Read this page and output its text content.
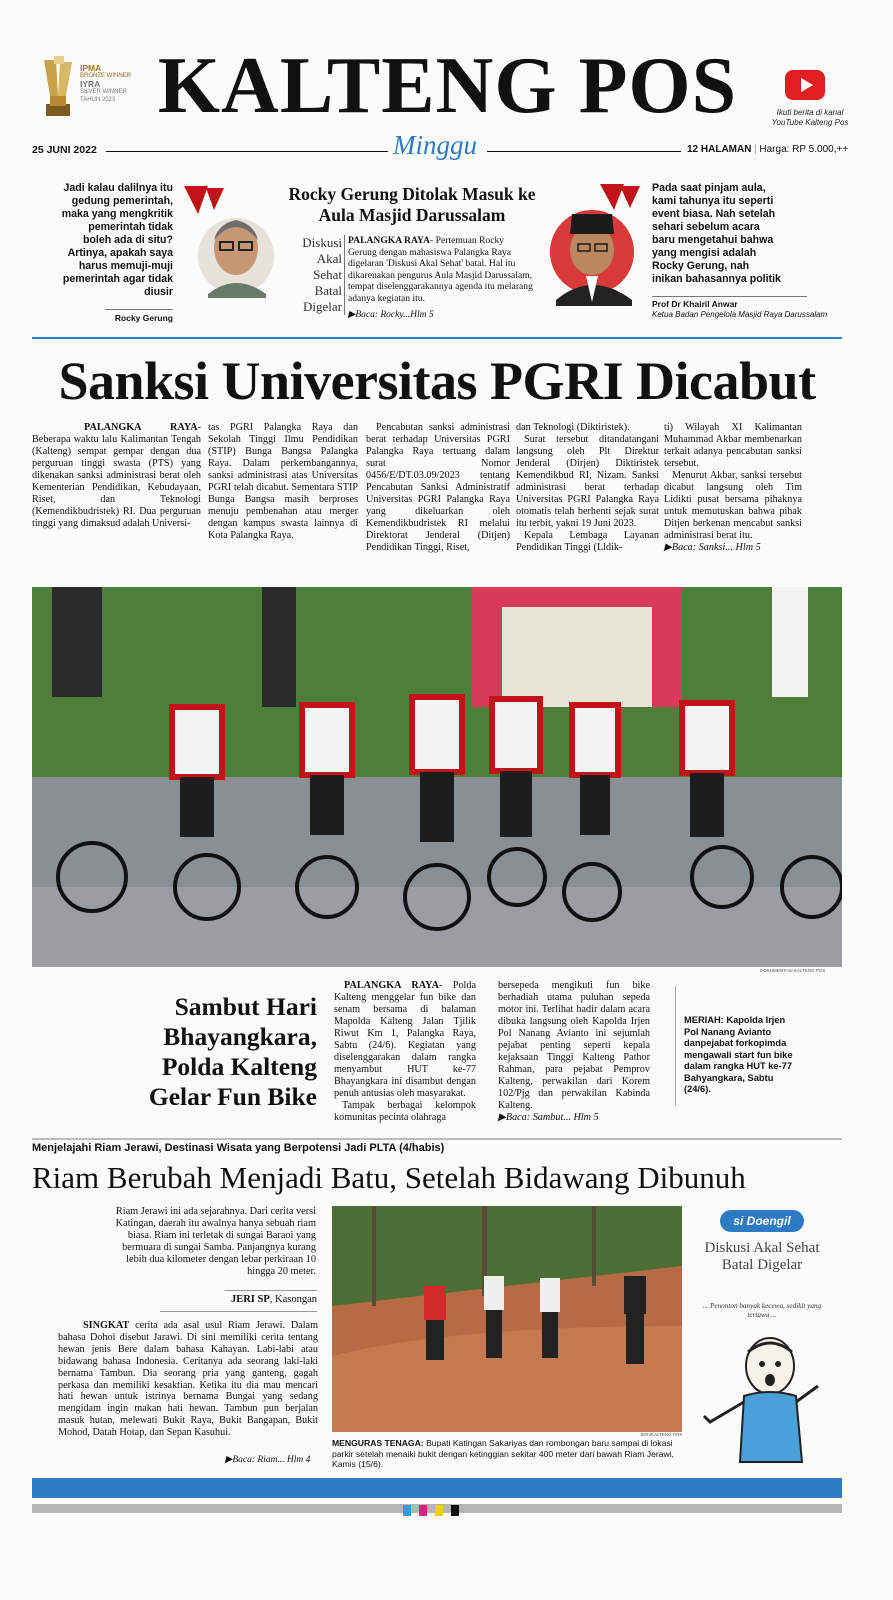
IPMA
BRONZE WINNER
IYRA
SILVER WINNER
TAHUN 2023 KALTENG POS	Ikuti berita di kanal YouTube Kalteng Pos
25 JUNI 2022	Minggu	12 HALAMAN | Harga: RP 5.000,++
Jadi kalau dalilnya itu gedung pemerintah, maka yang mengkritik pemerintah tidak boleh ada di situ? Artinya, apakah saya harus memuji-muji pemerintah agar tidak diusir
Rocky Gerung
Rocky Gerung Ditolak Masuk ke Aula Masjid Darussalam
Diskusi Akal Sehat Batal Digelar
PALANGKA RAYA- Pertemuan Rocky Gerung dengan mahasiswa Palangka Raya digelaran 'Diskusi Akal Sehat' batal. Hal itu dikarenakan pengurus Aula Masjid Darussalam, tempat diselenggarakannya agenda itu melarang adanya kegiatan itu.
▶Baca: Rocky...Hlm 5
Pada saat pinjam aula, kami tahunya itu seperti event biasa. Nah setelah sehari sebelum acara baru mengetahui bahwa yang mengisi adalah Rocky Gerung, nah inikan bahasannya politik
Prof Dr Khairil Anwar
Ketua Badan Pengelola Masjid Raya Darussalam
Sanksi Universitas PGRI Dicabut

PALANGKA RAYA- Beberapa waktu lalu Kalimantan Tengah (Kalteng) sempat gempar dengan dua perguruan tinggi swasta (PTS) yang dikenakan sanksi administrasi berat oleh Kementerian Pendidikan, Kebudayaan, Riset, dan Teknologi (Kemendikbudristek) RI. Dua perguruan tinggi yang dimaksud adalah Universi-

tas PGRI Palangka Raya dan Sekolah Tinggi Ilmu Pendidikan (STIP) Bunga Bangsa Palangka Raya. Dalam perkembangannya, sanksi administrasi atas Universitas PGRI telah dicabut. Sementara STIP Bunga Bangsa masih berproses menuju pembenahan atau merger dengan kampus swasta lainnya di Kota Palangka Raya.

Pencabutan sanksi administrasi berat terhadap Universitas PGRI Palangka Raya tertuang dalam surat Nomor 0456/E/DT.03.09/2023 tentang Pencabutan Sanksi Administratif Universitas PGRI Palangka Raya yang dikeluarkan oleh Kemendikbudristek RI melalui Direktorat Jenderal (Ditjen) Pendidikan Tinggi, Riset,

dan Teknologi (Diktiristek).

Surat tersebut ditandatangani langsung oleh Plt Direktur Jenderal (Dirjen) Diktiristek Kemendikbud RI, Nizam. Sanksi administrasi berat terhadap Universitas PGRI Palangka Raya otomatis telah berhenti sejak surat itu terbit, yakni 19 Juni 2023.

Kepala Lembaga Layanan Pendidikan Tinggi (Lldik-

ti) Wilayah XI Kalimantan Muhammad Akbar membenarkan terkait adanya pencabutan sanksi tersebut.

Menurut Akbar, sanksi tersebut dicabut langsung oleh Tim Lidikti pusat bersama pihaknya untuk memutuskan bahwa pihak Ditjen berkenan mencabut sanksi administrasi berat itu.

▶Baca: Sanksi... Hlm 5

DOKUMENTASI KALTENG POS
Sambut Hari Bhayangkara, Polda Kalteng Gelar Fun Bike

PALANGKA RAYA- Polda Kalteng menggelar fun bike dan senam bersama di halaman Mapolda Kalteng Jalan Tjilik Riwut Km 1, Palangka Raya, Sabtu (24/6). Kegiatan yang diselenggarakan dalam rangka menyambut HUT ke-77 Bhayangkara ini disambut dengan penuh antusias oleh masyarakat.

Tampak berbagai kelompok komunitas pecinta olahraga

bersepeda mengikuti fun bike berhadiah utama puluhan sepeda motor ini. Terlihat hadir dalam acara dibuka langsung oleh Kapolda Irjen Pol Nanang Avianto ini sejumlah pejabat penting seperti kepala kejaksaan Tinggi Kalteng Pathor Rahman, para pejabat Pemprov Kalteng, perwakilan dari Korem 102/Pjg dan perwakilan Kabinda Kalteng.

▶Baca: Sambut... Hlm 5

MERIAH: Kapolda Irjen Pol Nanang Avianto danpejabat forkopimda mengawali start fun bike dalam rangka HUT ke-77 Bahyangkara, Sabtu (24/6).
Menjelajahi Riam Jerawi, Destinasi Wisata yang Berpotensi Jadi PLTA (4/habis)
Riam Berubah Menjadi Batu, Setelah Bidawang Dibunuh
Riam Jerawi ini ada sejarahnya. Dari cerita versi Katingan, daerah itu awalnya hanya sebuah riam biasa. Riam ini terletak di sungai Baraoi yang bermuara di sungai Samba. Panjangnya kurang lebih dua kilometer dengan lebar perkiraan 10 hingga 20 meter.
JERI SP, Kasongan

SINGKAT cerita ada asal usul Riam Jerawi. Dalam bahasa Dohoi disebut Jarawi. Di sini memiliki cerita tentang hewan jenis Bere dalam bahasa Kahayan. Labi-labi atau bidawang bahasa Indonesia. Ceritanya ada seorang laki-laki bernama Tambun. Dia seorang pria yang ganteng, gagah perkasa dan memiliki kesaktian. Ketika itu dia mau mencari hati hewan untuk istrinya bernama Bungai yang sedang mengidam ingin makan hati hewan. Tambun pun berjalan masuk hutan, melewati Bukit Raya, Bukit Bangapan, Bukit Mohod, Datah Hotap, dan Sepan Kasuhui.

▶Baca: Riam... Hlm 4
JERI/KALTENG POS
MENGURAS TENAGA: Bupati Katingan Sakariyas dan rombongan baru sampai di lokasi parkir setelah menaiki bukit dengan ketinggian sekitar 400 meter dari bawah Riam Jerawi, Kamis (15/6).
si Doengil
Diskusi Akal Sehat Batal Digelar
... Penonton banyak kecewa, sedikit yang tertawa ...
